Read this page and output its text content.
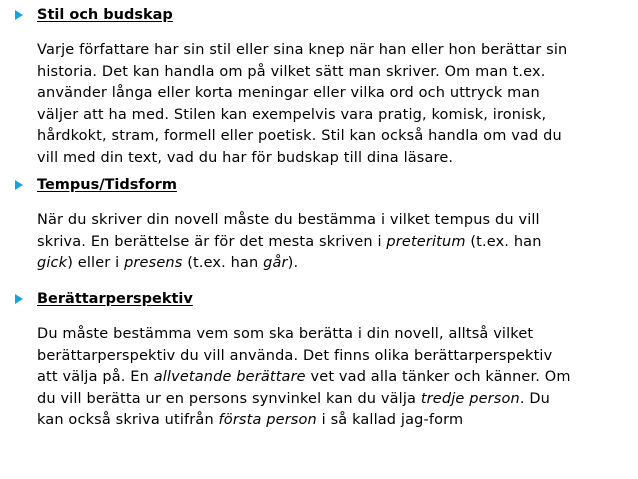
Stil och budskap

Varje författare har sin stil eller sina knep när han eller hon berättar sin
historia. Det kan handla om på vilket sätt man skriver. Om man t.ex.
använder långa eller korta meningar eller vilka ord och uttryck man
väljer att ha med. Stilen kan exempelvis vara pratig, komisk, ironisk,
hårdkokt, stram, formell eller poetisk. Stil kan också handla om vad du
vill med din text, vad du har för budskap till dina läsare.

Tempus/Tidsform

När du skriver din novell måste du bestämma i vilket tempus du vill
skriva. En berättelse är för det mesta skriven i preteritum (t.ex. han
gick) eller i presens (t.ex. han går).

Berättarperspektiv

Du måste bestämma vem som ska berätta i din novell, alltså vilket
berättarperspektiv du vill använda. Det finns olika berättarperspektiv
att välja på. En allvetande berättare vet vad alla tänker och känner. Om
du vill berätta ur en persons synvinkel kan du välja tredje person. Du
kan också skriva utifrån första person i så kallad jag-form
